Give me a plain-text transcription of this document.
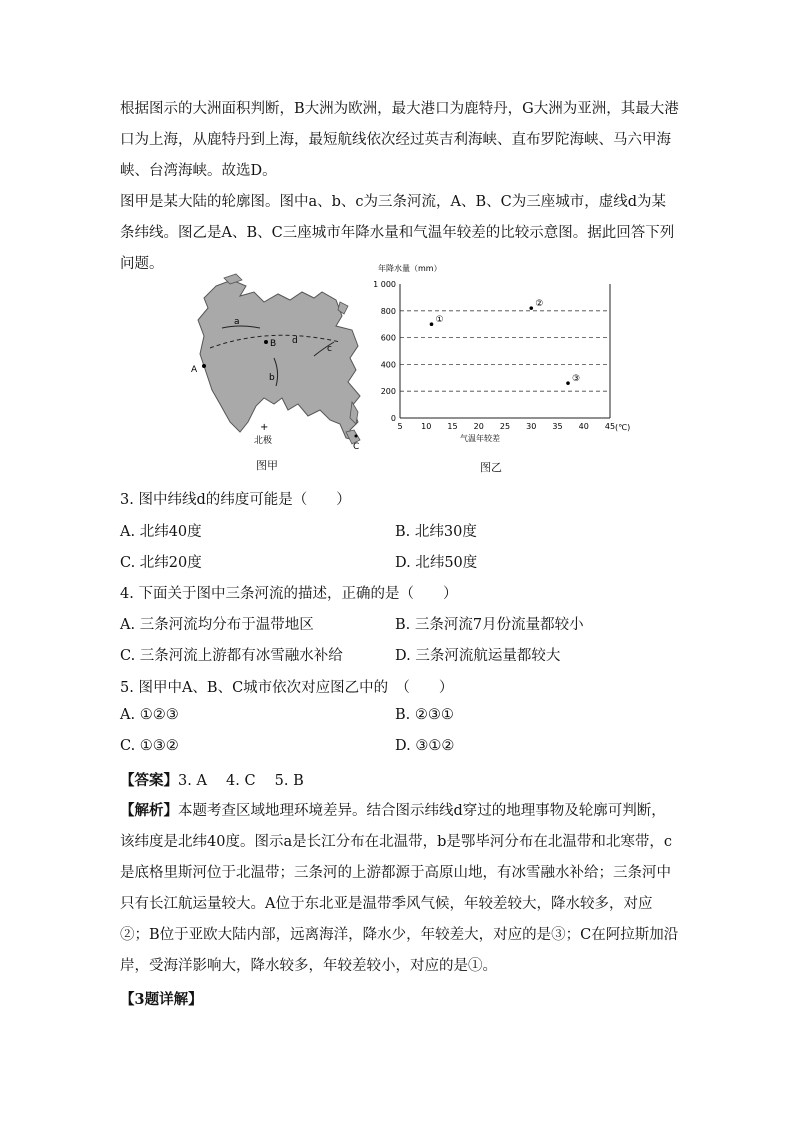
根据图示的大洲面积判断，B大洲为欧洲，最大港口为鹿特丹，G大洲为亚洲，其最大港口为上海，从鹿特丹到上海，最短航线依次经过英吉利海峡、直布罗陀海峡、马六甲海峡、台湾海峡。故选D。

图甲是某大陆的轮廓图。图中a、b、c为三条河流，A、B、C为三座城市，虚线d为某条纬线。图乙是A、B、C三座城市年降水量和气温年较差的比较示意图。据此回答下列问题。

a
b
c
d
A
B
C
+
北极
图甲
0
200
400
600
800
1 000
5 10 15 20 25 30 35 40 45
①
②
③
年降水量（mm）
气温年较差
(℃)
图乙
3. 图中纬线d的纬度可能是（　　）
A. 北纬40度	B. 北纬30度
C. 北纬20度	D. 北纬50度
4. 下面关于图中三条河流的描述，正确的是（　　）
A. 三条河流均分布于温带地区	B. 三条河流7月份流量都较小
C. 三条河流上游都有冰雪融水补给	D. 三条河流航运量都较大
5. 图甲中A、B、C城市依次对应图乙中的　（　　）
A. ①②③	B. ②③①
C. ①③②	D. ③①②
【答案】3. A　 4. C　 5. B

【解析】本题考查区域地理环境差异。结合图示纬线d穿过的地理事物及轮廓可判断，该纬度是北纬40度。图示a是长江分布在北温带，b是鄂毕河分布在北温带和北寒带，c是底格里斯河位于北温带；三条河的上游都源于高原山地，有冰雪融水补给；三条河中只有长江航运量较大。A位于东北亚是温带季风气候，年较差较大，降水较多，对应②；B位于亚欧大陆内部，远离海洋，降水少，年较差大，对应的是③；C在阿拉斯加沿岸，受海洋影响大，降水较多，年较差较小，对应的是①。

【3题详解】
